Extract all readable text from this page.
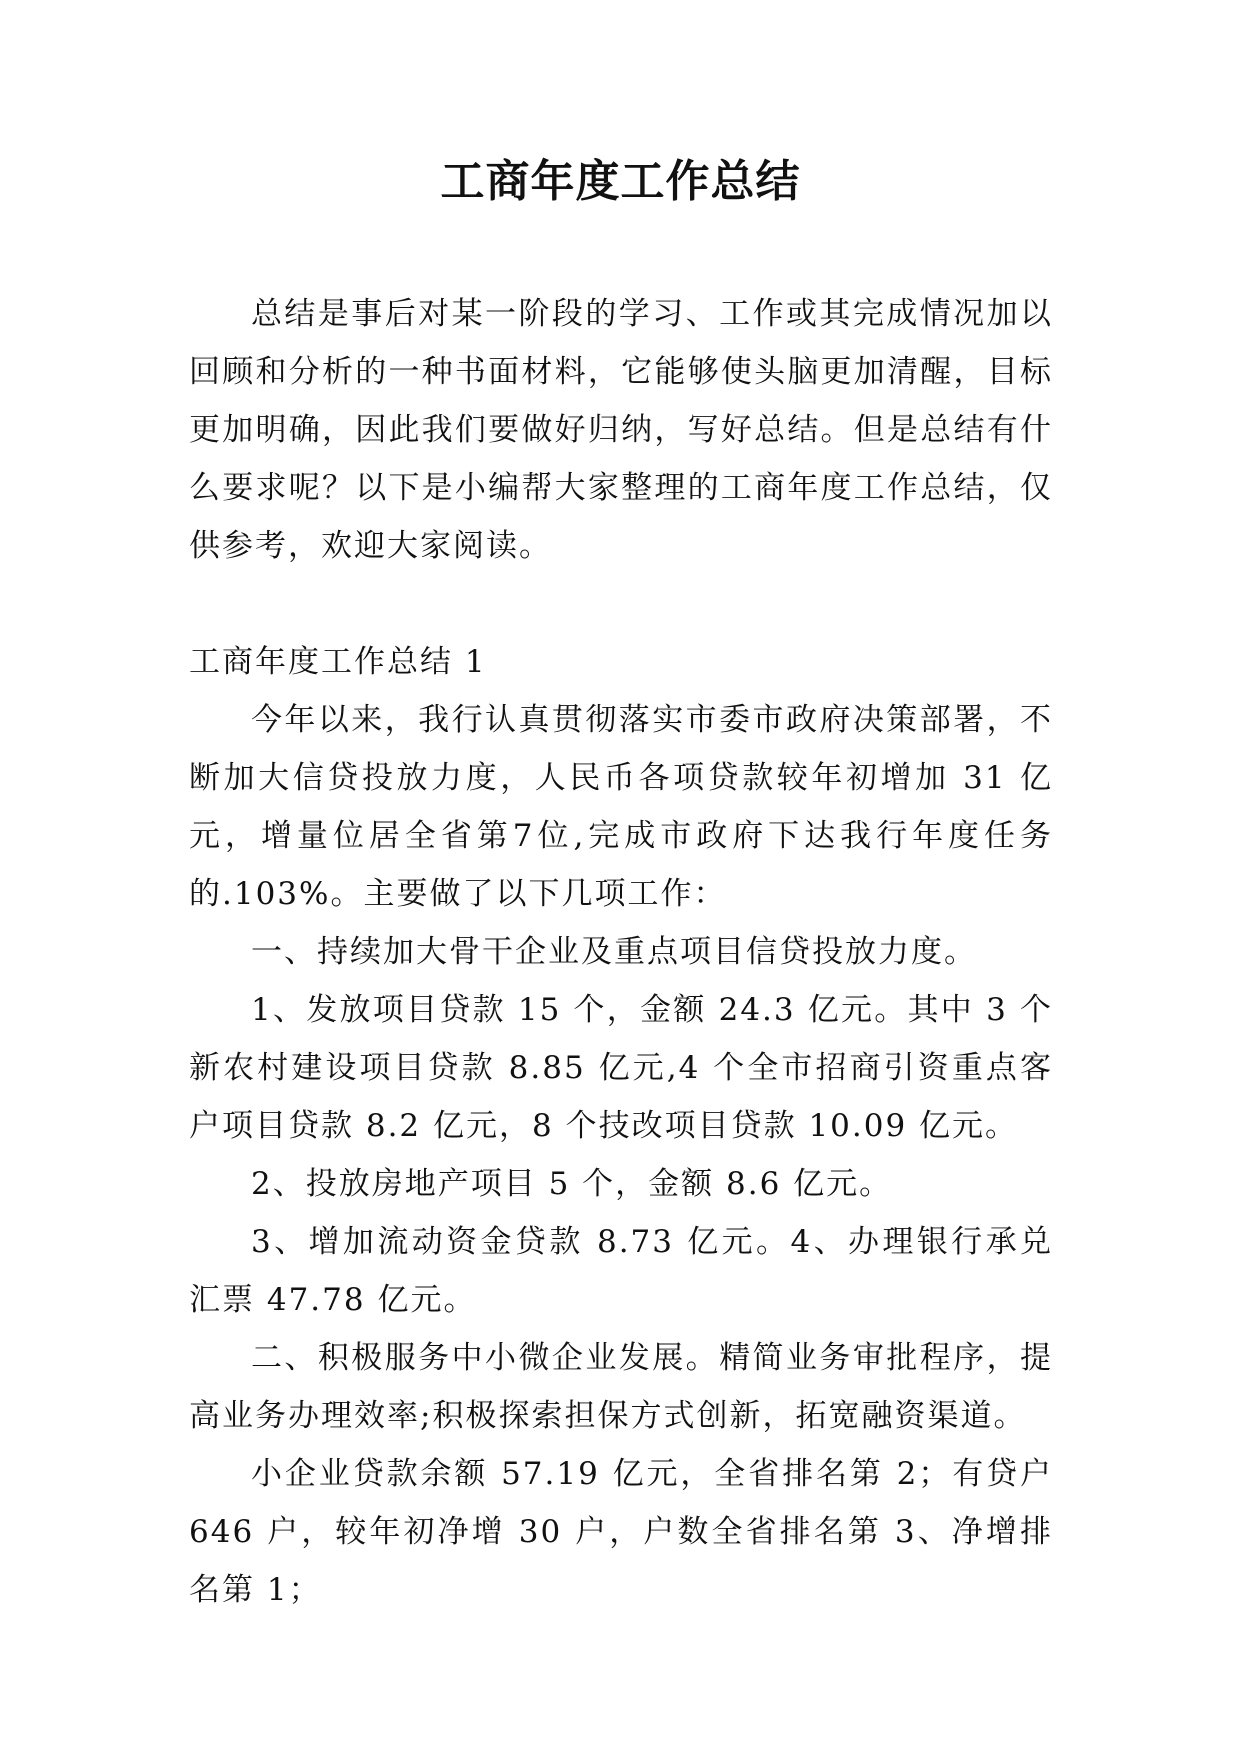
工商年度工作总结

总结是事后对某一阶段的学习、工作或其完成情况加以回顾和分析的一种书面材料，它能够使头脑更加清醒，目标更加明确，因此我们要做好归纳，写好总结。但是总结有什么要求呢？以下是小编帮大家整理的工商年度工作总结，仅供参考，欢迎大家阅读。

工商年度工作总结 1

今年以来，我行认真贯彻落实市委市政府决策部署，不断加大信贷投放力度，人民币各项贷款较年初增加 31 亿元，增量位居全省第7位,完成市政府下达我行年度任务的.103%。主要做了以下几项工作：

一、持续加大骨干企业及重点项目信贷投放力度。

1、发放项目贷款 15 个，金额 24.3 亿元。其中 3 个新农村建设项目贷款 8.85 亿元,4 个全市招商引资重点客户项目贷款 8.2 亿元，8 个技改项目贷款 10.09 亿元。

2、投放房地产项目 5 个，金额 8.6 亿元。

3、增加流动资金贷款 8.73 亿元。4、办理银行承兑汇票 47.78 亿元。

二、积极服务中小微企业发展。精简业务审批程序，提高业务办理效率;积极探索担保方式创新，拓宽融资渠道。

小企业贷款余额 57.19 亿元，全省排名第 2；有贷户 646 户，较年初净增 30 户，户数全省排名第 3、净增排名第 1；
